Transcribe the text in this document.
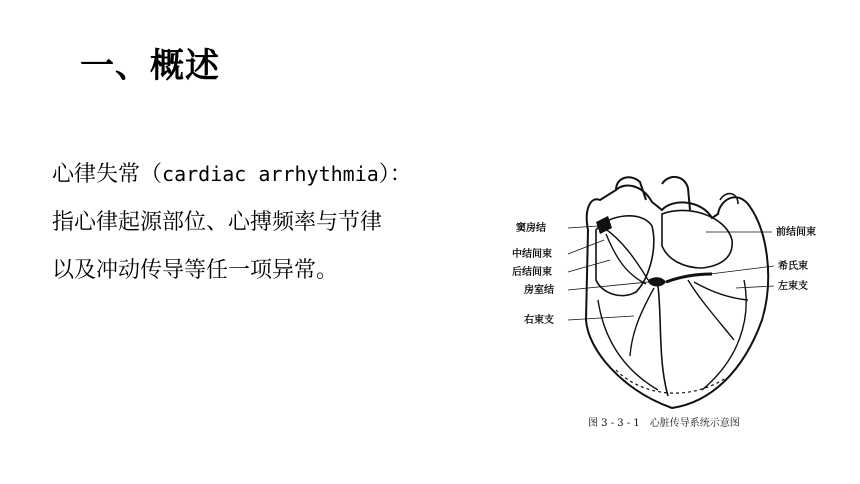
一、概述
心律失常（cardiac arrhythmia）：
指心律起源部位、心搏频率与节律
以及冲动传导等任一项异常。
窦房结
中结间束
后结间束
房室结
右束支
前结间束
希氏束
左束支
图 3 - 3 - 1　心脏传导系统示意图
